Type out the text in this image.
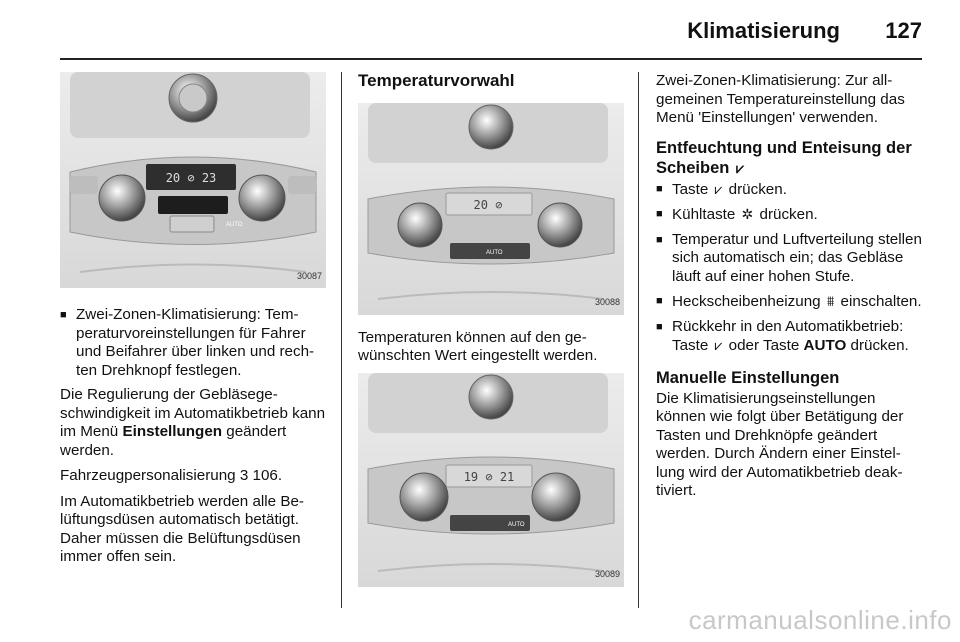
Klimatisierung 127
20 ⊘ 23
AUTO
30087
■ Zwei-Zonen-Klimatisierung: Temperaturvoreinstellungen für Fahrer und Beifahrer über linken und rechten Drehknopf festlegen.

Die Regulierung der Gebläsegeschwindigkeit im Automatikbetrieb kann im Menü Einstellungen geändert werden.

Fahrzeugpersonalisierung 3 106.

Im Automatikbetrieb werden alle Belüftungsdüsen automatisch betätigt. Daher müssen die Belüftungsdüsen immer offen sein.

Temperaturvorwahl
20 ⊘
AUTO
30088

Temperaturen können auf den gewünschten Wert eingestellt werden.

19 ⊘ 21
AUTO
30089

Zwei-Zonen-Klimatisierung: Zur allgemeinen Temperatureinstellung das Menü 'Einstellungen' verwenden.

Entfeuchtung und Enteisung der Scheiben ⩗
■ Taste ⩗ drücken.
■ Kühltaste ✲ drücken.
■ Temperatur und Luftverteilung stellen sich automatisch ein; das Gebläse läuft auf einer hohen Stufe.
■ Heckscheibenheizung ⩩ einschalten.
■ Rückkehr in den Automatikbetrieb: Taste ⩗ oder Taste AUTO drücken.
Manuelle Einstellungen

Die Klimatisierungseinstellungen können wie folgt über Betätigung der Tasten und Drehknöpfe geändert werden. Durch Ändern einer Einstellung wird der Automatikbetrieb deaktiviert.

carmanualsonline.info
